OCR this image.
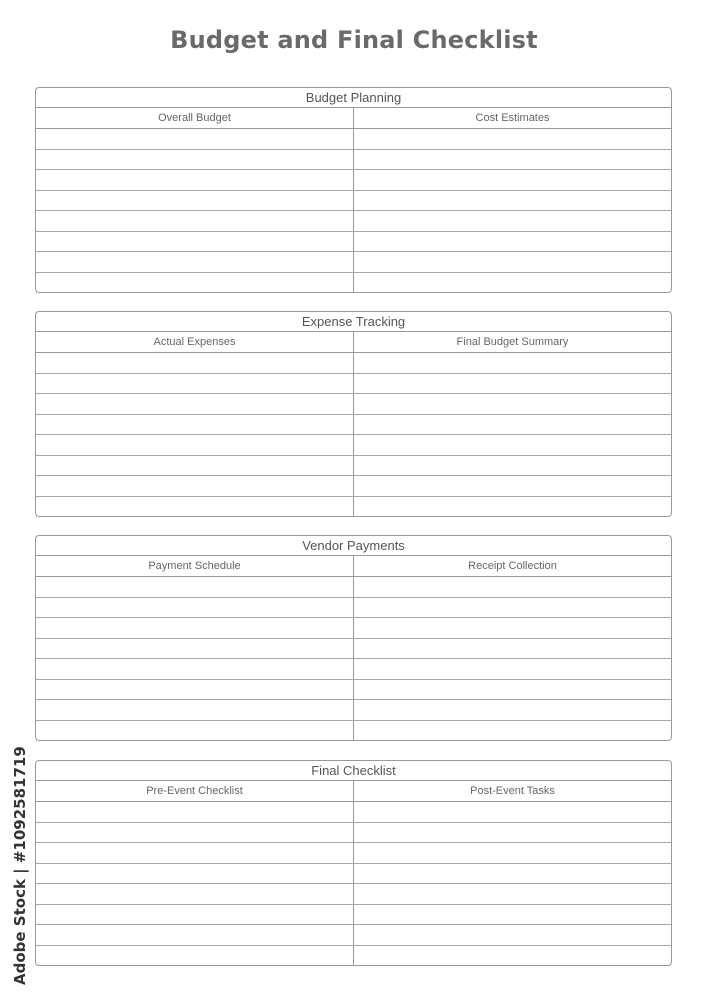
Budget and Final Checklist
Budget Planning
Overall Budget	Cost Estimates
Expense Tracking
Actual Expenses	Final Budget Summary
Vendor Payments
Payment Schedule	Receipt Collection
Final Checklist
Pre-Event Checklist	Post-Event Tasks
Adobe Stock | #1092581719
